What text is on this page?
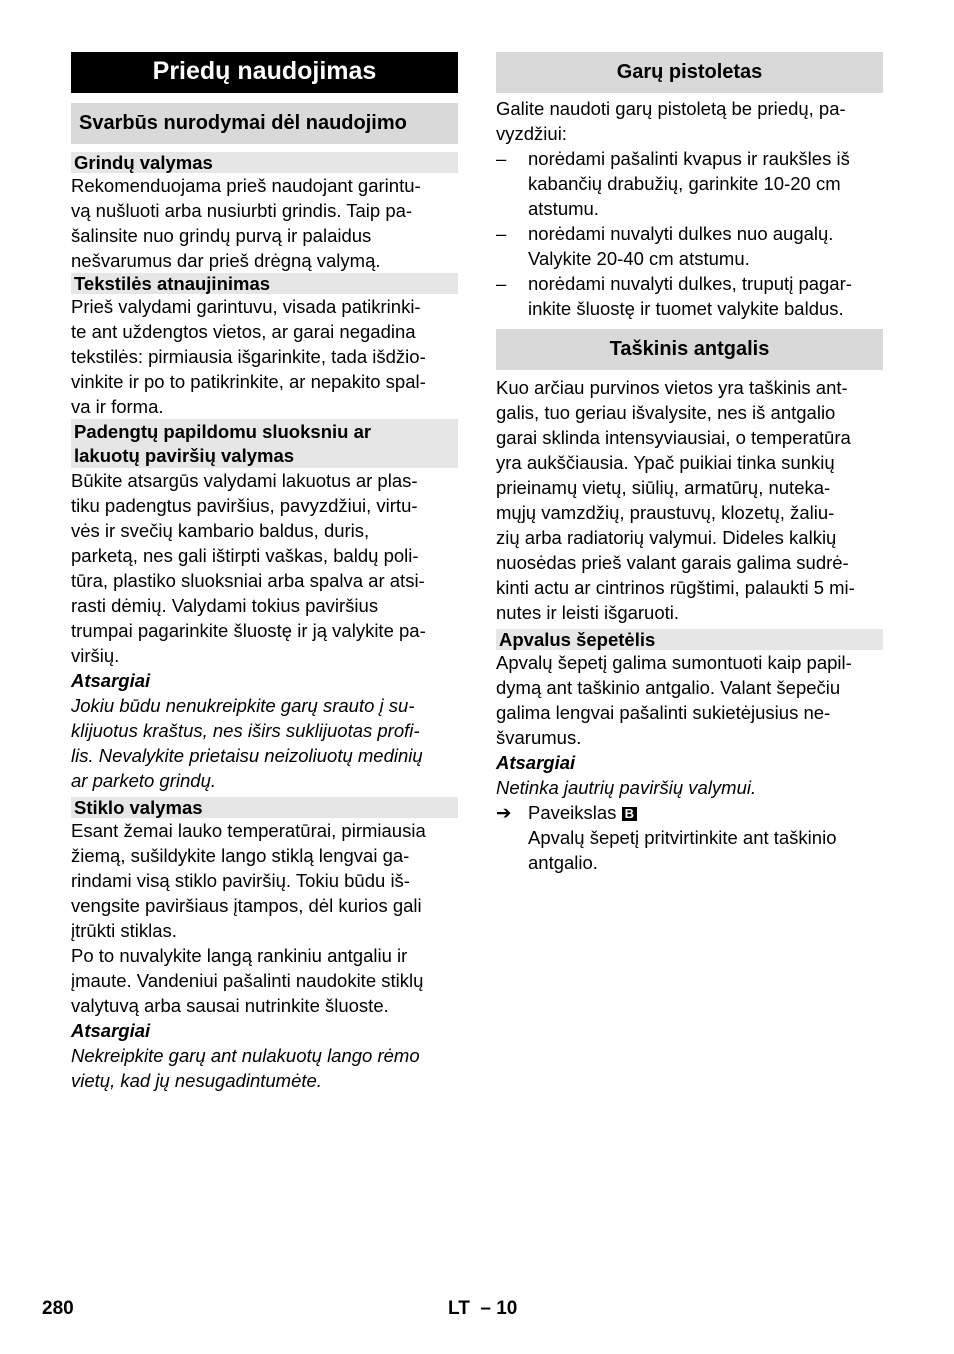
Priedų naudojimas
Svarbūs nurodymai dėl naudojimo
Grindų valymas

Rekomenduojama prieš naudojant garintu-
vą nušluoti arba nusiurbti grindis. Taip pa-
šalinsite nuo grindų purvą ir palaidus
nešvarumus dar prieš drėgną valymą.

Tekstilės atnaujinimas

Prieš valydami garintuvu, visada patikrinki-
te ant uždengtos vietos, ar garai negadina
tekstilės: pirmiausia išgarinkite, tada išdžio-
vinkite ir po to patikrinkite, ar nepakito spal-
va ir forma.

Padengtų papildomu sluoksniu ar
lakuotų paviršių valymas

Būkite atsargūs valydami lakuotus ar plas-
tiku padengtus paviršius, pavyzdžiui, virtu-
vės ir svečių kambario baldus, duris,
parketą, nes gali ištirpti vaškas, baldų poli-
tūra, plastiko sluoksniai arba spalva ar atsi-
rasti dėmių. Valydami tokius paviršius
trumpai pagarinkite šluostę ir ją valykite pa-
viršių.

Atsargiai

Jokiu būdu nenukreipkite garų srauto į su-
klijuotus kraštus, nes iširs suklijuotas profi-
lis. Nevalykite prietaisu neizoliuotų medinių
ar parketo grindų.

Stiklo valymas

Esant žemai lauko temperatūrai, pirmiausia
žiemą, sušildykite lango stiklą lengvai ga-
rindami visą stiklo paviršių. Tokiu būdu iš-
vengsite paviršiaus įtampos, dėl kurios gali
įtrūkti stiklas.
Po to nuvalykite langą rankiniu antgaliu ir
įmaute. Vandeniui pašalinti naudokite stiklų
valytuvą arba sausai nutrinkite šluoste.

Atsargiai

Nekreipkite garų ant nulakuotų lango rėmo
vietų, kad jų nesugadintumėte.

Garų pistoletas

Galite naudoti garų pistoletą be priedų, pa-
vyzdžiui:

– norėdami pašalinti kvapus ir raukšles iš
kabančių drabužių, garinkite 10-20 cm
atstumu.
– norėdami nuvalyti dulkes nuo augalų.
Valykite 20-40 cm atstumu.
– norėdami nuvalyti dulkes, truputį pagar-
inkite šluostę ir tuomet valykite baldus.
Taškinis antgalis

Kuo arčiau purvinos vietos yra taškinis ant-
galis, tuo geriau išvalysite, nes iš antgalio
garai sklinda intensyviausiai, o temperatūra
yra aukščiausia. Ypač puikiai tinka sunkių
prieinamų vietų, siūlių, armatūrų, nuteka-
mųjų vamzdžių, praustuvų, klozetų, žaliu-
zių arba radiatorių valymui. Dideles kalkių
nuosėdas prieš valant garais galima sudrė-
kinti actu ar cintrinos rūgštimi, palaukti 5 mi-
nutes ir leisti išgaruoti.

Apvalus šepetėlis

Apvalų šepetį galima sumontuoti kaip papil-
dymą ant taškinio antgalio. Valant šepečiu
galima lengvai pašalinti sukietėjusius ne-
švarumus.

Atsargiai

Netinka jautrių paviršių valymui.

➔ Paveikslas B
Apvalų šepetį pritvirtinkite ant taškinio
antgalio.
280	LT – 10
